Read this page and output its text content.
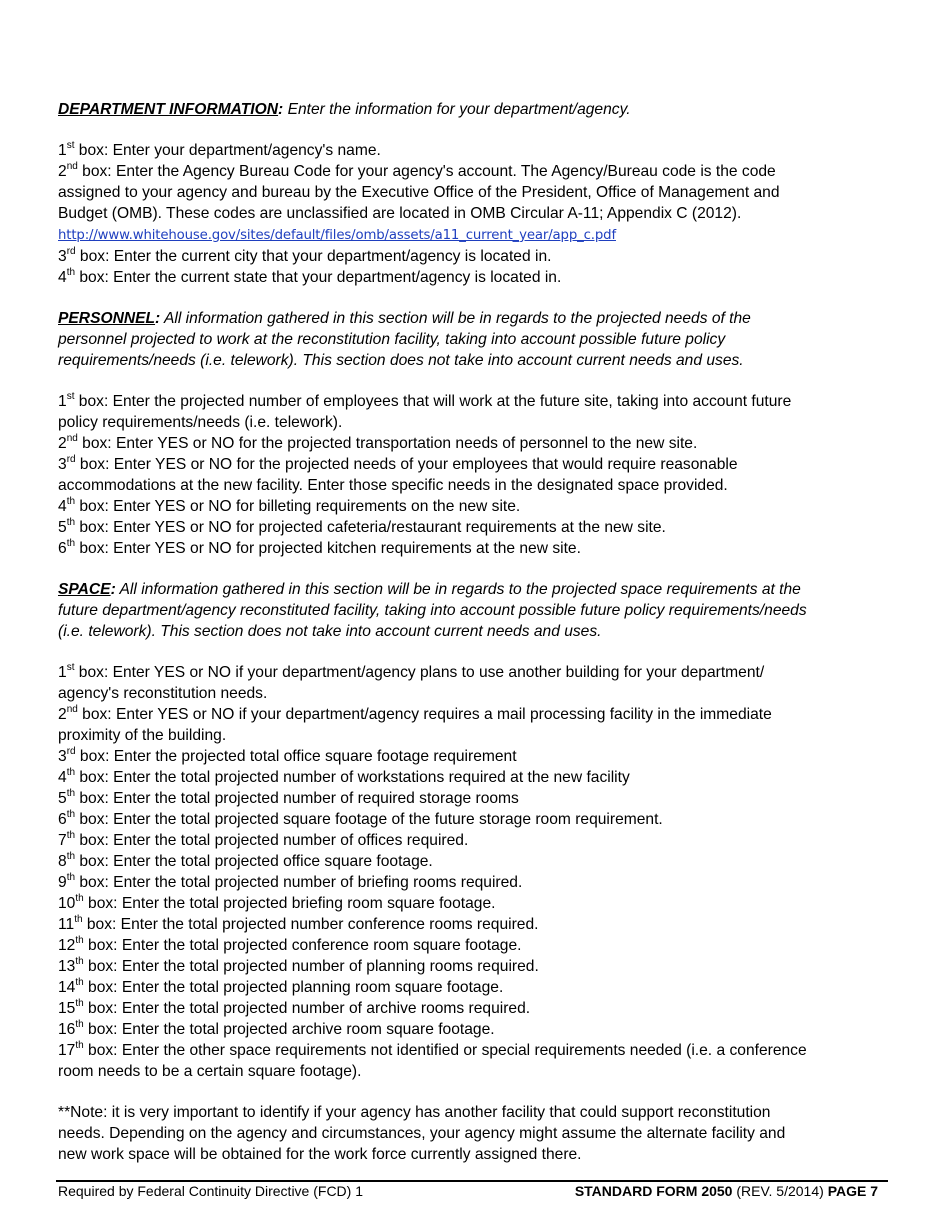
DEPARTMENT INFORMATION: Enter the information for your department/agency.
1st box: Enter your department/agency's name.
2nd box: Enter the Agency Bureau Code for your agency's account. The Agency/Bureau code is the code
assigned to your agency and bureau by the Executive Office of the President, Office of Management and
Budget (OMB). These codes are unclassified are located in OMB Circular A-11; Appendix C (2012).
http://www.whitehouse.gov/sites/default/files/omb/assets/a11_current_year/app_c.pdf
3rd box: Enter the current city that your department/agency is located in.
4th box: Enter the current state that your department/agency is located in.
PERSONNEL: All information gathered in this section will be in regards to the projected needs of the
personnel projected to work at the reconstitution facility, taking into account possible future policy
requirements/needs (i.e. telework). This section does not take into account current needs and uses.
1st box: Enter the projected number of employees that will work at the future site, taking into account future
policy requirements/needs (i.e. telework).
2nd box: Enter YES or NO for the projected transportation needs of personnel to the new site.
3rd box: Enter YES or NO for the projected needs of your employees that would require reasonable
accommodations at the new facility. Enter those specific needs in the designated space provided.
4th box: Enter YES or NO for billeting requirements on the new site.
5th box: Enter YES or NO for projected cafeteria/restaurant requirements at the new site.
6th box: Enter YES or NO for projected kitchen requirements at the new site.
SPACE: All information gathered in this section will be in regards to the projected space requirements at the
future department/agency reconstituted facility, taking into account possible future policy requirements/needs
(i.e. telework). This section does not take into account current needs and uses.
1st box: Enter YES or NO if your department/agency plans to use another building for your department/
agency's reconstitution needs.
2nd box: Enter YES or NO if your department/agency requires a mail processing facility in the immediate
proximity of the building.
3rd box: Enter the projected total office square footage requirement
4th box: Enter the total projected number of workstations required at the new facility
5th box: Enter the total projected number of required storage rooms
6th box: Enter the total projected square footage of the future storage room requirement.
7th box: Enter the total projected number of offices required.
8th box: Enter the total projected office square footage.
9th box: Enter the total projected number of briefing rooms required.
10th box: Enter the total projected briefing room square footage.
11th box: Enter the total projected number conference rooms required.
12th box: Enter the total projected conference room square footage.
13th box: Enter the total projected number of planning rooms required.
14th box: Enter the total projected planning room square footage.
15th box: Enter the total projected number of archive rooms required.
16th box: Enter the total projected archive room square footage.
17th box: Enter the other space requirements not identified or special requirements needed (i.e. a conference
room needs to be a certain square footage).
**Note: it is very important to identify if your agency has another facility that could support reconstitution
needs. Depending on the agency and circumstances, your agency might assume the alternate facility and
new work space will be obtained for the work force currently assigned there.
Required by Federal Continuity Directive (FCD) 1	STANDARD FORM 2050 (REV. 5/2014) PAGE 7
